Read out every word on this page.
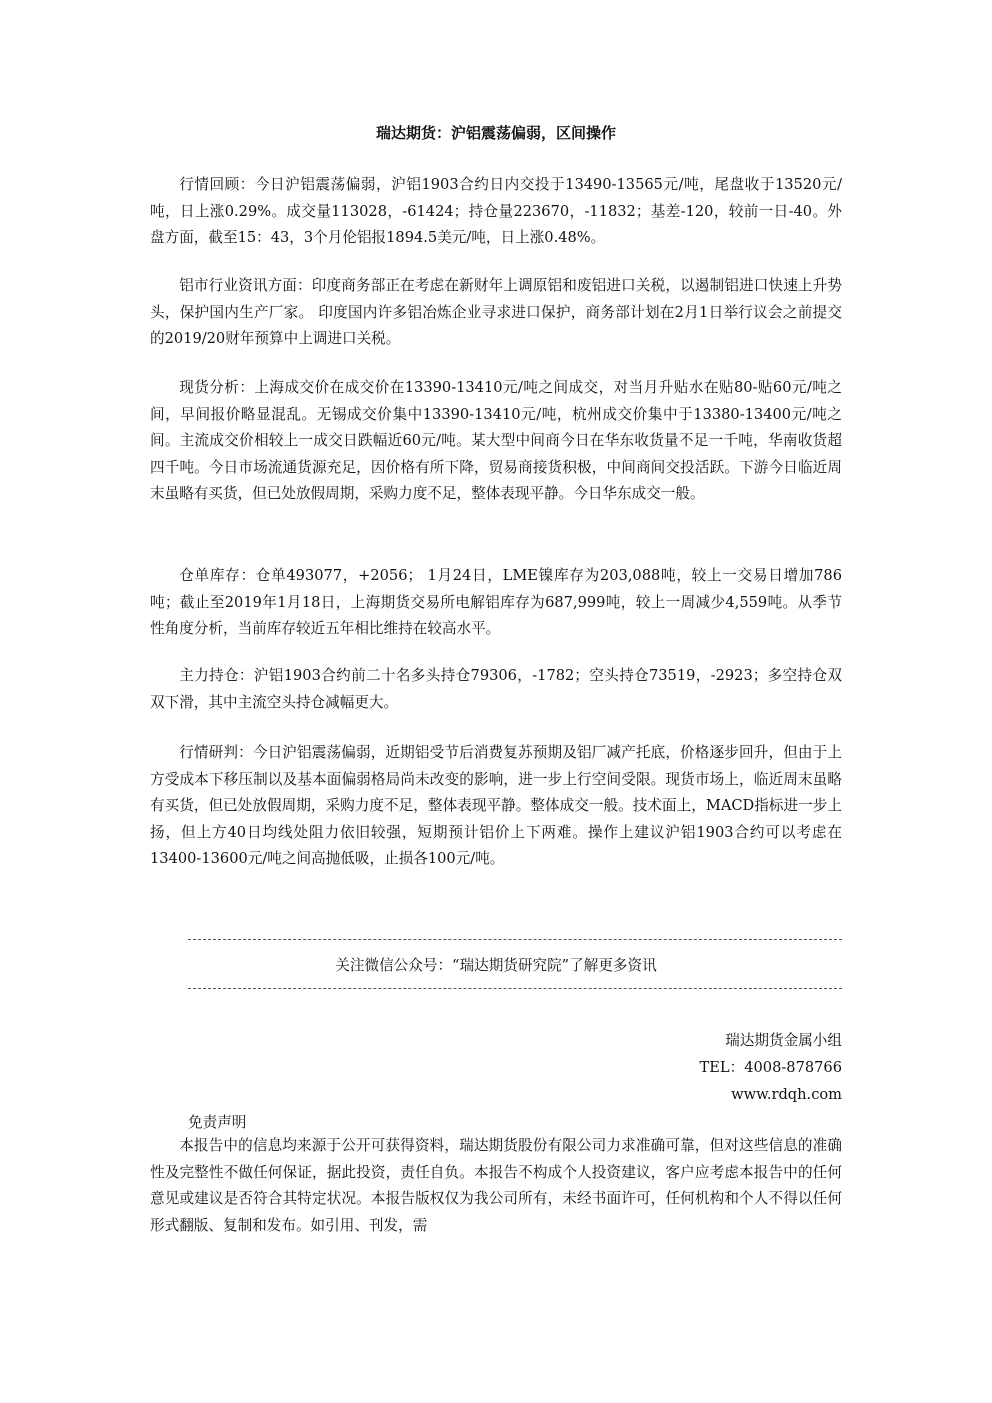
瑞达期货：沪铝震荡偏弱，区间操作

行情回顾：今日沪铝震荡偏弱，沪铝1903合约日内交投于13490-13565元/吨，尾盘收于13520元/吨，日上涨0.29%。成交量113028，-61424；持仓量223670，-11832；基差-120，较前一日-40。外盘方面，截至15：43，3个月伦铝报1894.5美元/吨，日上涨0.48%。

铝市行业资讯方面：印度商务部正在考虑在新财年上调原铝和废铝进口关税，以遏制铝进口快速上升势头，保护国内生产厂家。 印度国内许多铝冶炼企业寻求进口保护，商务部计划在2月1日举行议会之前提交的2019/20财年预算中上调进口关税。

现货分析：上海成交价在成交价在13390-13410元/吨之间成交，对当月升贴水在贴80-贴60元/吨之间，早间报价略显混乱。无锡成交价集中13390-13410元/吨，杭州成交价集中于13380-13400元/吨之间。主流成交价相较上一成交日跌幅近60元/吨。某大型中间商今日在华东收货量不足一千吨，华南收货超四千吨。今日市场流通货源充足，因价格有所下降，贸易商接货积极，中间商间交投活跃。下游今日临近周末虽略有买货，但已处放假周期，采购力度不足，整体表现平静。今日华东成交一般。

仓单库存：仓单493077，+2056； 1月24日，LME镍库存为203,088吨，较上一交易日增加786吨；截止至2019年1月18日，上海期货交易所电解铝库存为687,999吨，较上一周减少4,559吨。从季节性角度分析，当前库存较近五年相比维持在较高水平。

主力持仓：沪铝1903合约前二十名多头持仓79306，-1782；空头持仓73519，-2923；多空持仓双双下滑，其中主流空头持仓减幅更大。

行情研判：今日沪铝震荡偏弱，近期铝受节后消费复苏预期及铝厂减产托底，价格逐步回升，但由于上方受成本下移压制以及基本面偏弱格局尚未改变的影响，进一步上行空间受限。现货市场上，临近周末虽略有买货，但已处放假周期，采购力度不足，整体表现平静。整体成交一般。技术面上，MACD指标进一步上扬，但上方40日均线处阻力依旧较强，短期预计铝价上下两难。操作上建议沪铝1903合约可以考虑在13400-13600元/吨之间高抛低吸，止损各100元/吨。

关注微信公众号：“瑞达期货研究院”了解更多资讯
瑞达期货金属小组
TEL：4008-878766
www.rdqh.com
免责声明

本报告中的信息均来源于公开可获得资料，瑞达期货股份有限公司力求准确可靠，但对这些信息的准确性及完整性不做任何保证，据此投资，责任自负。本报告不构成个人投资建议，客户应考虑本报告中的任何意见或建议是否符合其特定状况。本报告版权仅为我公司所有，未经书面许可，任何机构和个人不得以任何形式翻版、复制和发布。如引用、刊发，需
